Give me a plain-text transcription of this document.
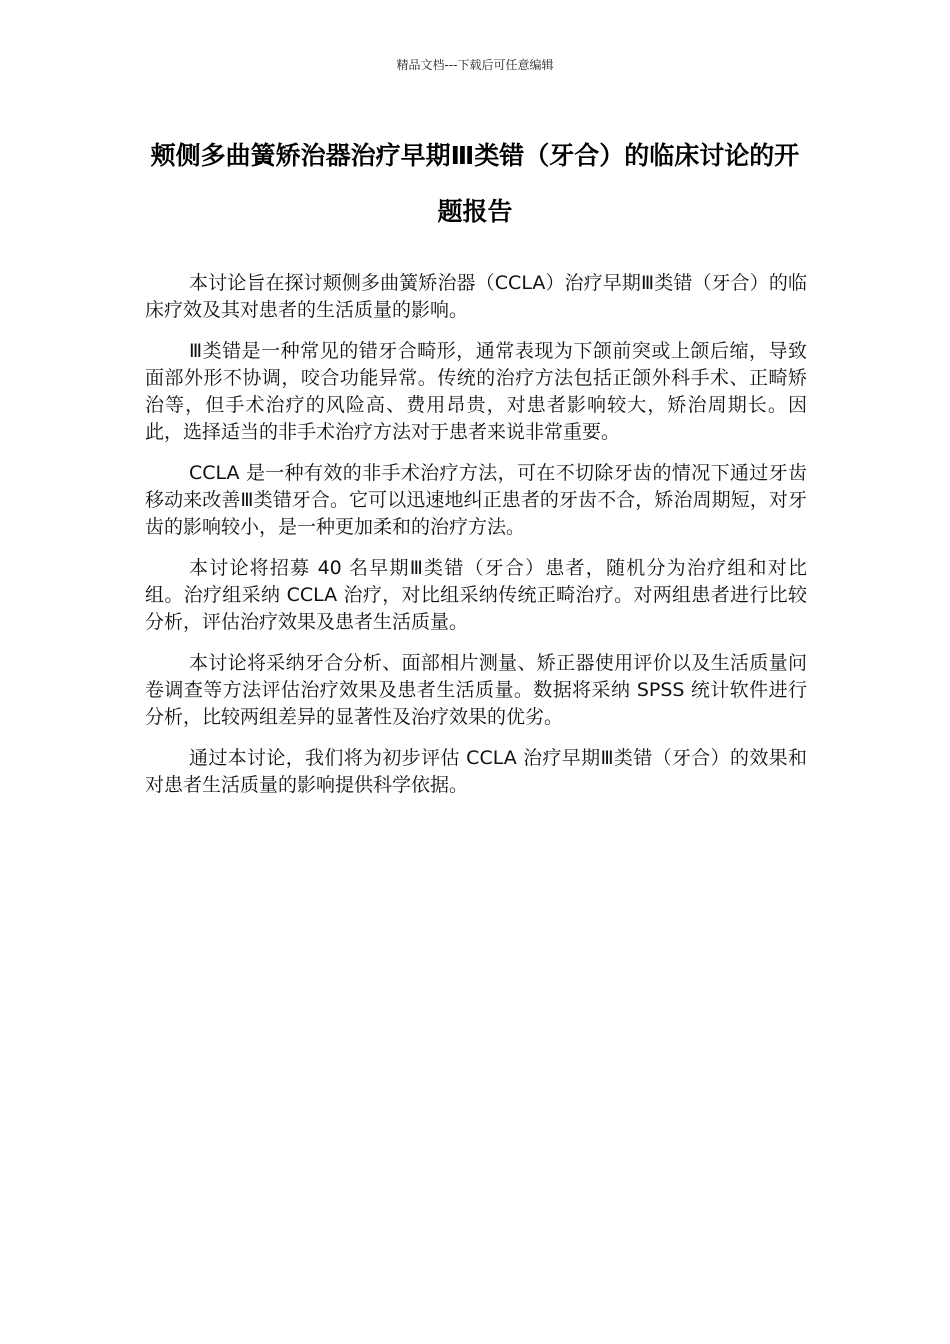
精品文档---下载后可任意编辑
颊侧多曲簧矫治器治疗早期Ⅲ类错（牙合）的临床讨论的开题报告

本讨论旨在探讨颊侧多曲簧矫治器（CCLA）治疗早期Ⅲ类错（牙合）的临床疗效及其对患者的生活质量的影响。

Ⅲ类错是一种常见的错牙合畸形，通常表现为下颌前突或上颌后缩，导致面部外形不协调，咬合功能异常。传统的治疗方法包括正颌外科手术、正畸矫治等，但手术治疗的风险高、费用昂贵，对患者影响较大，矫治周期长。因此，选择适当的非手术治疗方法对于患者来说非常重要。

CCLA 是一种有效的非手术治疗方法，可在不切除牙齿的情况下通过牙齿移动来改善Ⅲ类错牙合。它可以迅速地纠正患者的牙齿不合，矫治周期短，对牙齿的影响较小，是一种更加柔和的治疗方法。

本讨论将招募 40 名早期Ⅲ类错（牙合）患者，随机分为治疗组和对比组。治疗组采纳 CCLA 治疗，对比组采纳传统正畸治疗。对两组患者进行比较分析，评估治疗效果及患者生活质量。

本讨论将采纳牙合分析、面部相片测量、矫正器使用评价以及生活质量问卷调查等方法评估治疗效果及患者生活质量。数据将采纳 SPSS 统计软件进行分析，比较两组差异的显著性及治疗效果的优劣。

通过本讨论，我们将为初步评估 CCLA 治疗早期Ⅲ类错（牙合）的效果和对患者生活质量的影响提供科学依据。
